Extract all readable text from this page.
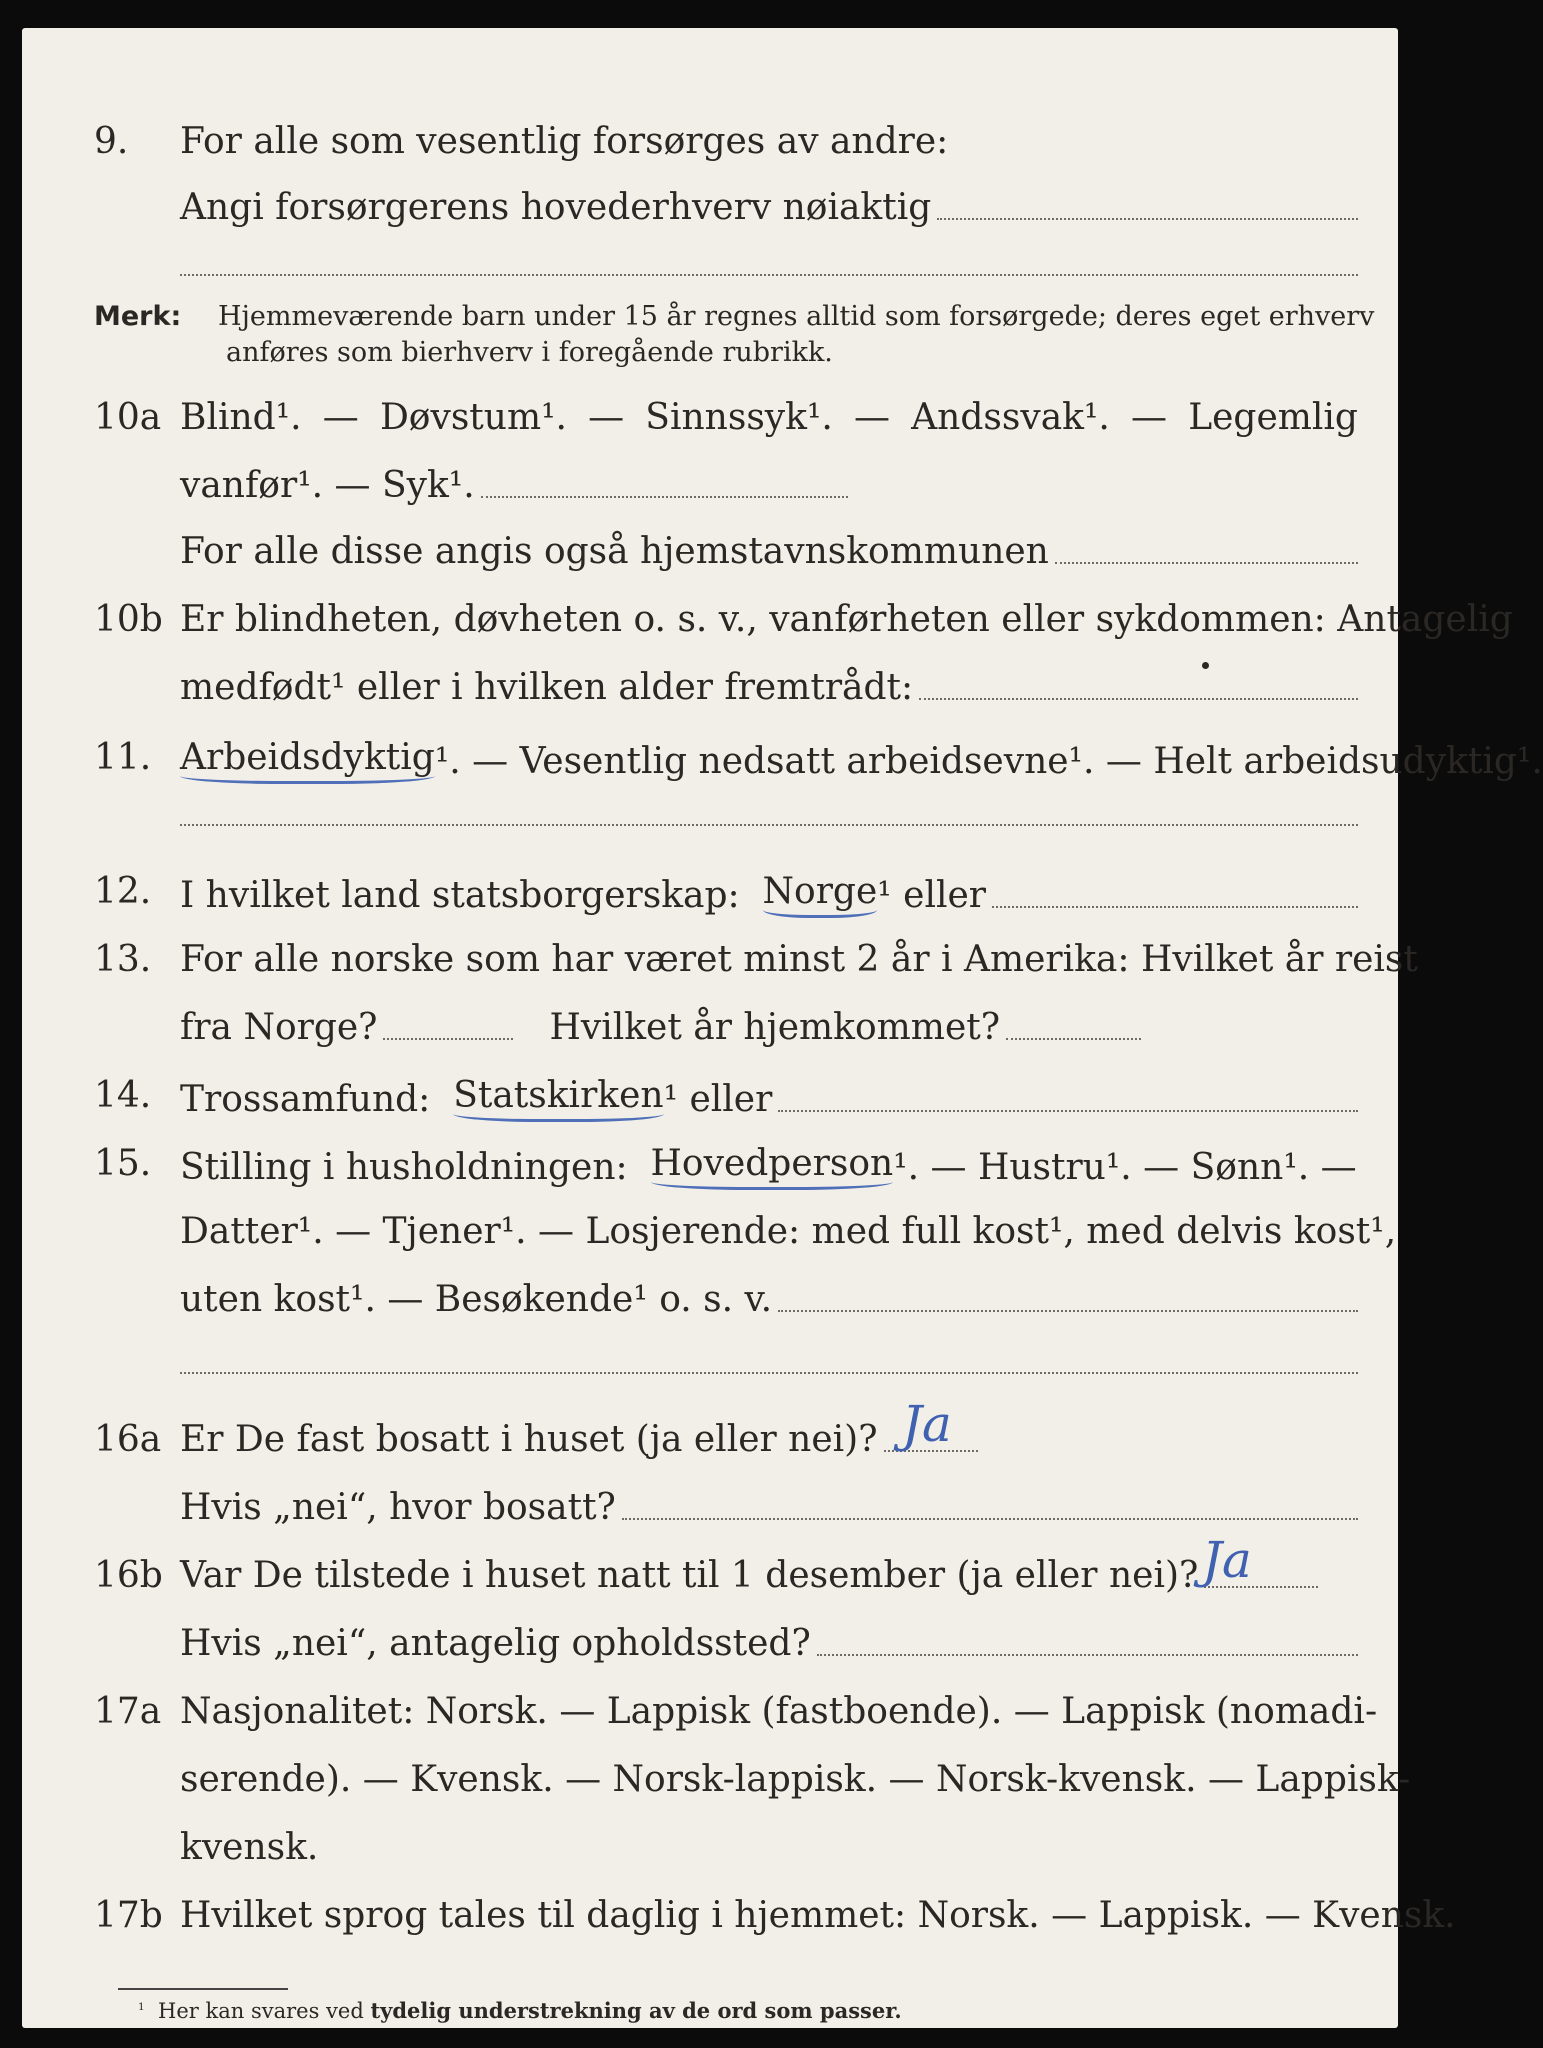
9.	For alle som vesentlig forsørges av andre:
Angi forsørgerens hovederhverv nøiaktig
Merk: Hjemmeværende barn under 15 år regnes alltid som forsørgede; deres eget erhverv
anføres som bierhverv i foregående rubrikk.
10a Blind¹. — Døvstum¹. — Sinnssyk¹. — Andssvak¹. — Legemlig
vanfør¹. — Syk¹.
For alle disse angis også hjemstavnskommunen
10b Er blindheten, døvheten o. s. v., vanførheten eller sykdommen: Antagelig
medfødt¹ eller i hvilken alder fremtrådt:
11. Arbeidsdyktig ¹. — Vesentlig nedsatt arbeidsevne¹. — Helt arbeidsudyktig¹.
12. I hvilket land statsborgerskap:
Norge ¹ eller
13. For alle norske som har været minst 2 år i Amerika: Hvilket år reist
fra Norge?	Hvilket år hjemkommet?
14. Trossamfund:
Statskirken ¹ eller
15. Stilling i husholdningen:
Hovedperson ¹. — Hustru¹. — Sønn¹. —
Datter¹. — Tjener¹. — Losjerende: med full kost¹, med delvis kost¹,
uten kost¹. — Besøkende¹ o. s. v.
16a Er De fast bosatt i huset (ja eller nei)? Ja
Hvis „nei“, hvor bosatt?
16b Var De tilstede i huset natt til 1 desember (ja eller nei)? Ja
Hvis „nei“, antagelig opholdssted?
17a Nasjonalitet: Norsk. — Lappisk (fastboende). — Lappisk (nomadi-
serende). — Kvensk. — Norsk-lappisk. — Norsk-kvensk. — Lappisk-
kvensk.
17b Hvilket sprog tales til daglig i hjemmet: Norsk. — Lappisk. — Kvensk.
$^1$ Her kan svares ved tydelig understrekning av de ord som passer.
